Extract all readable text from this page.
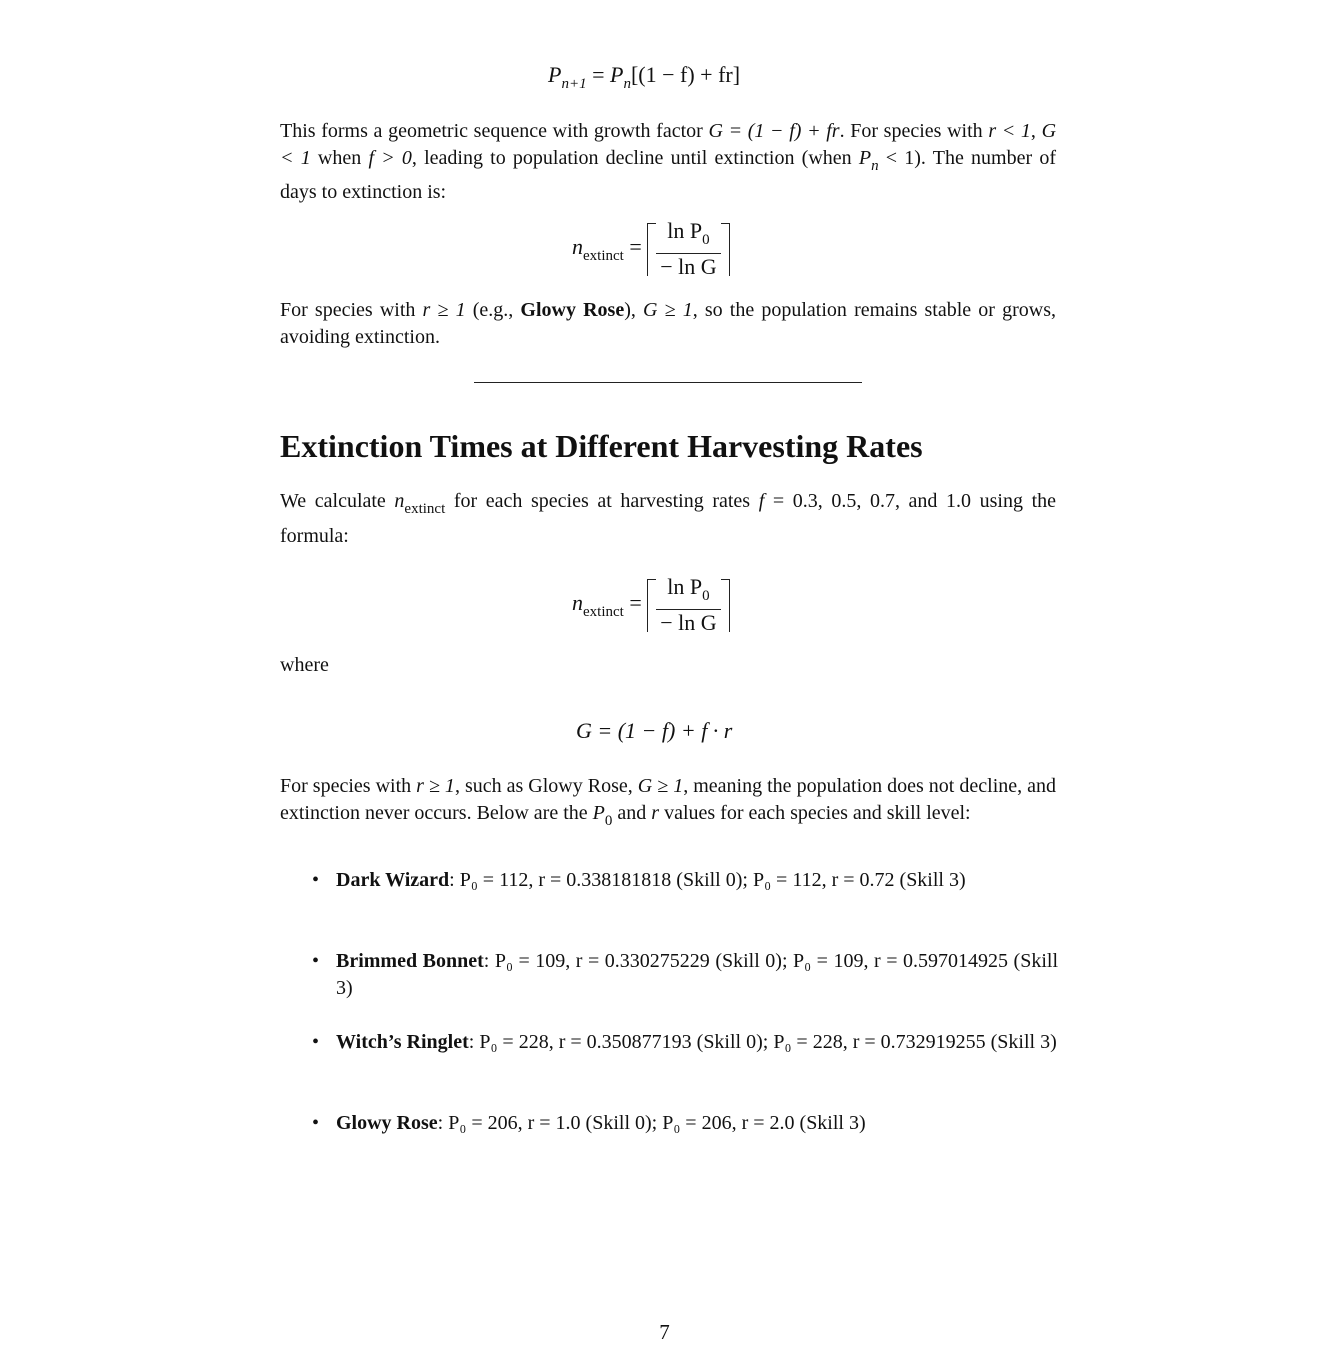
$P_{n+1} = P_n[(1 - f) + fr]$
This forms a geometric sequence with growth factor G = (1 − f) + fr. For species with r < 1, G < 1 when f > 0, leading to population decline until extinction (when $P_n < 1$). The number of days to extinction is:
For species with r ≥ 1 (e.g., Glowy Rose), G ≥ 1, so the population remains stable or grows, avoiding extinction.
Extinction Times at Different Harvesting Rates
We calculate $n_{extinct}$ for each species at harvesting rates f = 0.3, 0.5, 0.7, and 1.0 using the formula:
where
For species with r ≥ 1, such as Glowy Rose, G ≥ 1, meaning the population does not decline, and extinction never occurs. Below are the $P_0$ and r values for each species and skill level:
• Dark Wizard: P₀ = 112, r = 0.338181818 (Skill 0); P₀ = 112, r = 0.72 (Skill 3)
• Brimmed Bonnet: P₀ = 109, r = 0.330275229 (Skill 0); P₀ = 109, r = 0.597014925 (Skill 3)
• Witch’s Ringlet: P₀ = 228, r = 0.350877193 (Skill 0); P₀ = 228, r = 0.732919255 (Skill 3)
• Glowy Rose: P₀ = 206, r = 1.0 (Skill 0); P₀ = 206, r = 2.0 (Skill 3)
$n_{extinct} = \frac{\ln P_0}{\text{− ln G}}$
$n_{extinct} = \frac{\ln P_0}{\text{− ln G}}$
G = (1 − f) + f · r
7
